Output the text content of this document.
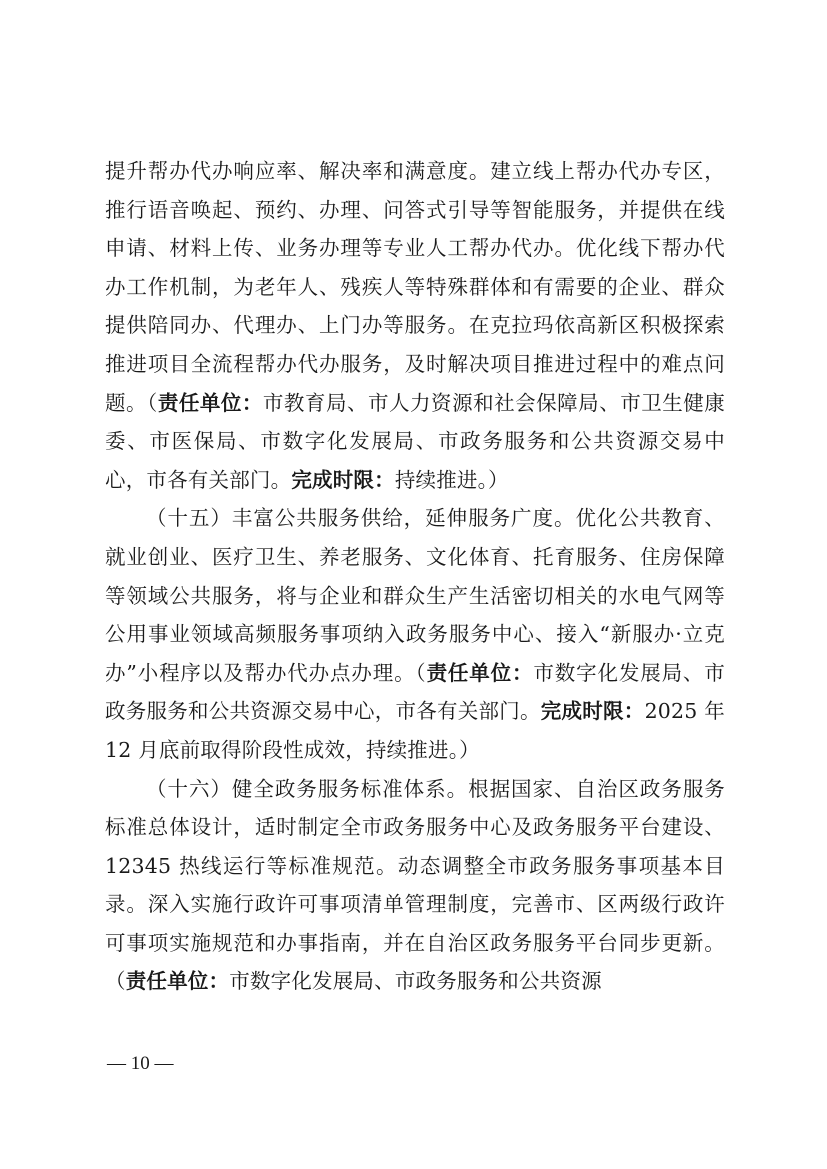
提升帮办代办响应率、解决率和满意度。建立线上帮办代办专区，推行语音唤起、预约、办理、问答式引导等智能服务，并提供在线申请、材料上传、业务办理等专业人工帮办代办。优化线下帮办代办工作机制，为老年人、残疾人等特殊群体和有需要的企业、群众提供陪同办、代理办、上门办等服务。在克拉玛依高新区积极探索推进项目全流程帮办代办服务，及时解决项目推进过程中的难点问题。（责任单位：市教育局、市人力资源和社会保障局、市卫生健康委、市医保局、市数字化发展局、市政务服务和公共资源交易中心，市各有关部门。完成时限：持续推进。）

（十五）丰富公共服务供给，延伸服务广度。优化公共教育、就业创业、医疗卫生、养老服务、文化体育、托育服务、住房保障等领域公共服务，将与企业和群众生产生活密切相关的水电气网等公用事业领域高频服务事项纳入政务服务中心、接入“新服办·立克办”小程序以及帮办代办点办理。（责任单位：市数字化发展局、市政务服务和公共资源交易中心，市各有关部门。完成时限：2025 年 12 月底前取得阶段性成效，持续推进。）

（十六）健全政务服务标准体系。根据国家、自治区政务服务标准总体设计，适时制定全市政务服务中心及政务服务平台建设、12345 热线运行等标准规范。动态调整全市政务服务事项基本目录。深入实施行政许可事项清单管理制度，完善市、区两级行政许可事项实施规范和办事指南，并在自治区政务服务平台同步更新。（责任单位：市数字化发展局、市政务服务和公共资源

— 10 —
